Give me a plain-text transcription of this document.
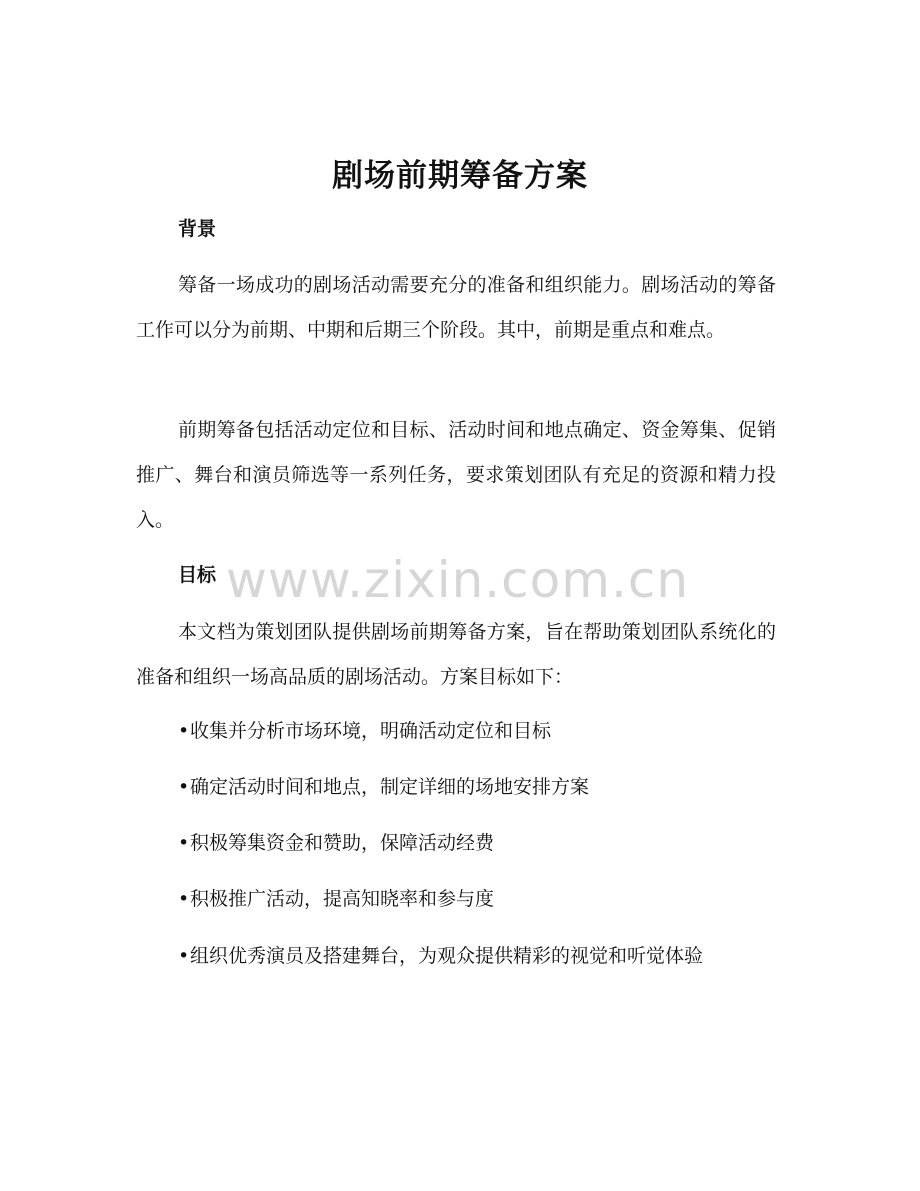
剧场前期筹备方案
背景

筹备一场成功的剧场活动需要充分的准备和组织能力。剧场活动的筹备工作可以分为前期、中期和后期三个阶段。其中，前期是重点和难点。

前期筹备包括活动定位和目标、活动时间和地点确定、资金筹集、促销推广、舞台和演员筛选等一系列任务，要求策划团队有充足的资源和精力投入。

www.zixin.com.cn
目标

本文档为策划团队提供剧场前期筹备方案，旨在帮助策划团队系统化的准备和组织一场高品质的剧场活动。方案目标如下：

•收集并分析市场环境，明确活动定位和目标
•确定活动时间和地点，制定详细的场地安排方案
•积极筹集资金和赞助，保障活动经费
•积极推广活动，提高知晓率和参与度
•组织优秀演员及搭建舞台，为观众提供精彩的视觉和听觉体验
